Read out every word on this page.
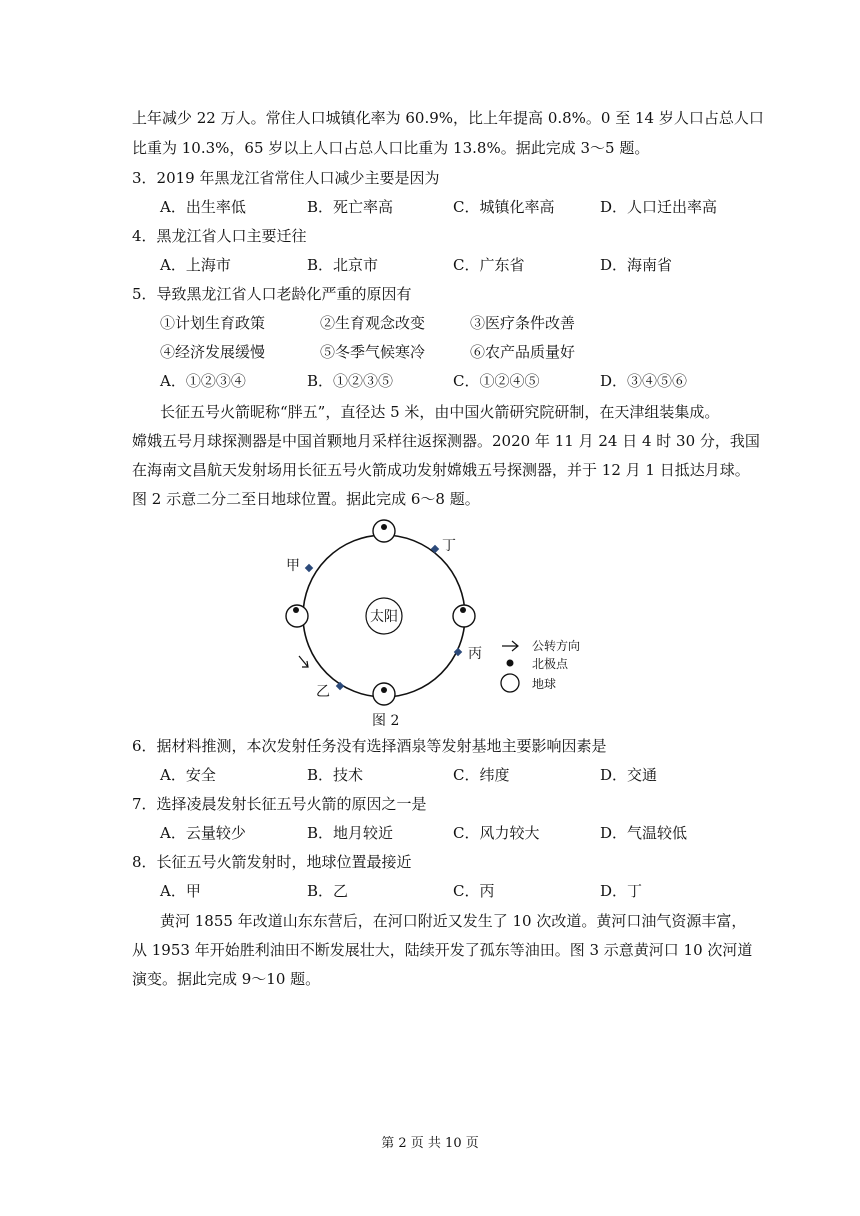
上年减少 22 万人。常住人口城镇化率为 60.9%，比上年提高 0.8%。0 至 14 岁人口占总人口
比重为 10.3%，65 岁以上人口占总人口比重为 13.8%。据此完成 3～5 题。
3．2019 年黑龙江省常住人口减少主要是因为
A．出生率低	B．死亡率高	C．城镇化率高	D．人口迁出率高
4．黑龙江省人口主要迁往
A．上海市	B．北京市	C．广东省	D．海南省
5．导致黑龙江省人口老龄化严重的原因有
①计划生育政策	②生育观念改变	③医疗条件改善
④经济发展缓慢	⑤冬季气候寒冷	⑥农产品质量好
A．①②③④	B．①②③⑤	C．①②④⑤	D．③④⑤⑥
长征五号火箭昵称“胖五”，直径达 5 米，由中国火箭研究院研制，在天津组装集成。
嫦娥五号月球探测器是中国首颗地月采样往返探测器。2020 年 11 月 24 日 4 时 30 分，我国
在海南文昌航天发射场用长征五号火箭成功发射嫦娥五号探测器，并于 12 月 1 日抵达月球。
图 2 示意二分二至日地球位置。据此完成 6～8 题。
太阳
甲
乙
丙
丁
公转方向
北极点
地球
图 2
6．据材料推测，本次发射任务没有选择酒泉等发射基地主要影响因素是
A．安全	B．技术	C．纬度	D．交通
7．选择凌晨发射长征五号火箭的原因之一是
A．云量较少	B．地月较近	C．风力较大	D．气温较低
8．长征五号火箭发射时，地球位置最接近
A．甲	B．乙	C．丙	D．丁
黄河 1855 年改道山东东营后，在河口附近又发生了 10 次改道。黄河口油气资源丰富，
从 1953 年开始胜利油田不断发展壮大，陆续开发了孤东等油田。图 3 示意黄河口 10 次河道
演变。据此完成 9～10 题。
第 2 页 共 10 页
